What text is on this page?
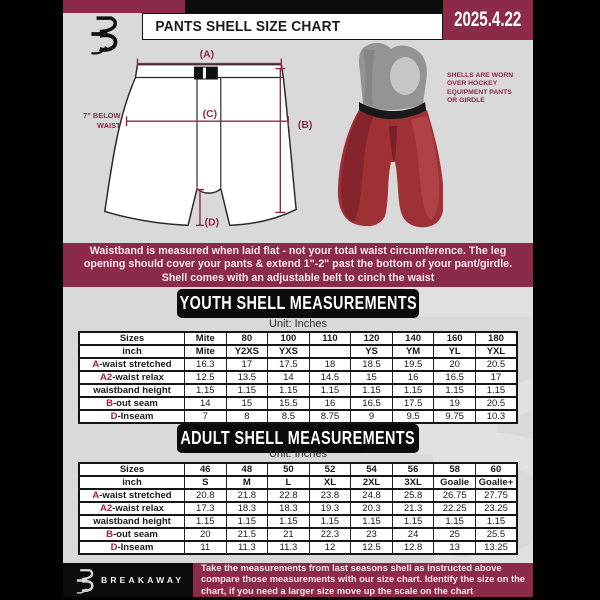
2025.4.22
PANTS SHELL SIZE CHART
(A)
(B)
(C)
(D)
7" BELOW
WAIST
SHELLS ARE WORN OVER HOCKEY EQUIPMENT PANTS OR GIRDLE

Waistband is measured when laid flat - not your total waist circumference. The leg opening should cover your pants & extend 1"-2" past the bottom of your pant/girdle. Shell comes with an adjustable belt to cinch the waist

YOUTH SHELL MEASUREMENTS
Unit: Inches
Sizes	Mite	80	100	110	120	140	160	180
inch	Mite	Y2XS	YXS		YS	YM	YL	YXL
A-waist stretched	16.3	17	17.5	18	18.5	19.5	20	20.5
A2-waist relax	12.5	13.5	14	14.5	15	16	16.5	17
waistband height	1.15	1.15	1.15	1.15	1.15	1.15	1.15	1.15
B-out seam	14	15	15.5	16	16.5	17.5	19	20.5
D-Inseam	7	8	8.5	8.75	9	9.5	9.75	10.3
ADULT SHELL MEASUREMENTS
Unit: Inches
Sizes	46	48	50	52	54	56	58	60
inch	S	M	L	XL	2XL	3XL	Goalie	Goalie+
A-waist stretched	20.8	21.8	22.8	23.8	24.8	25.8	26.75	27.75
A2-waist relax	17.3	18.3	18.3	19.3	20.3	21.3	22.25	23.25
waistband height	1.15	1.15	1.15	1.15	1.15	1.15	1.15	1.15
B-out seam	20	21.5	21	22.3	23	24	25	25.5
D-Inseam	11	11.3	11.3	12	12.5	12.8	13	13.25
BREAKAWAY

Take the measurements from last seasons shell as instructed above compare those measurements with our size chart. Identify the size on the chart, if you need a larger size move up the scale on the chart
